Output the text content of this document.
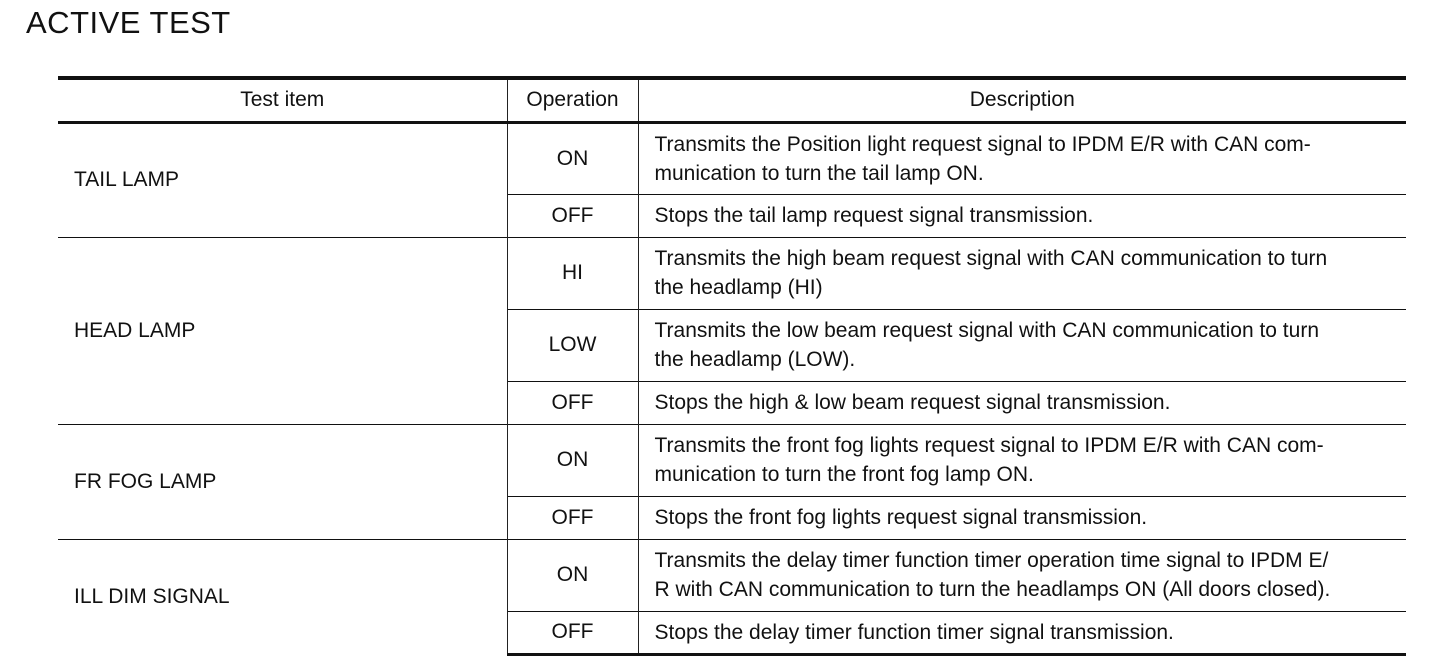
ACTIVE TEST
Test item	Operation	Description
TAIL LAMP	ON	Transmits the Position light request signal to IPDM E/R with CAN com-
munication to turn the tail lamp ON.
	OFF	Stops the tail lamp request signal transmission.
HEAD LAMP	HI	Transmits the high beam request signal with CAN communication to turn
the headlamp (HI)
	LOW	Transmits the low beam request signal with CAN communication to turn
the headlamp (LOW).
	OFF	Stops the high & low beam request signal transmission.
FR FOG LAMP	ON	Transmits the front fog lights request signal to IPDM E/R with CAN com-
munication to turn the front fog lamp ON.
	OFF	Stops the front fog lights request signal transmission.
ILL DIM SIGNAL	ON	Transmits the delay timer function timer operation time signal to IPDM E/
R with CAN communication to turn the headlamps ON (All doors closed).
	OFF	Stops the delay timer function timer signal transmission.
